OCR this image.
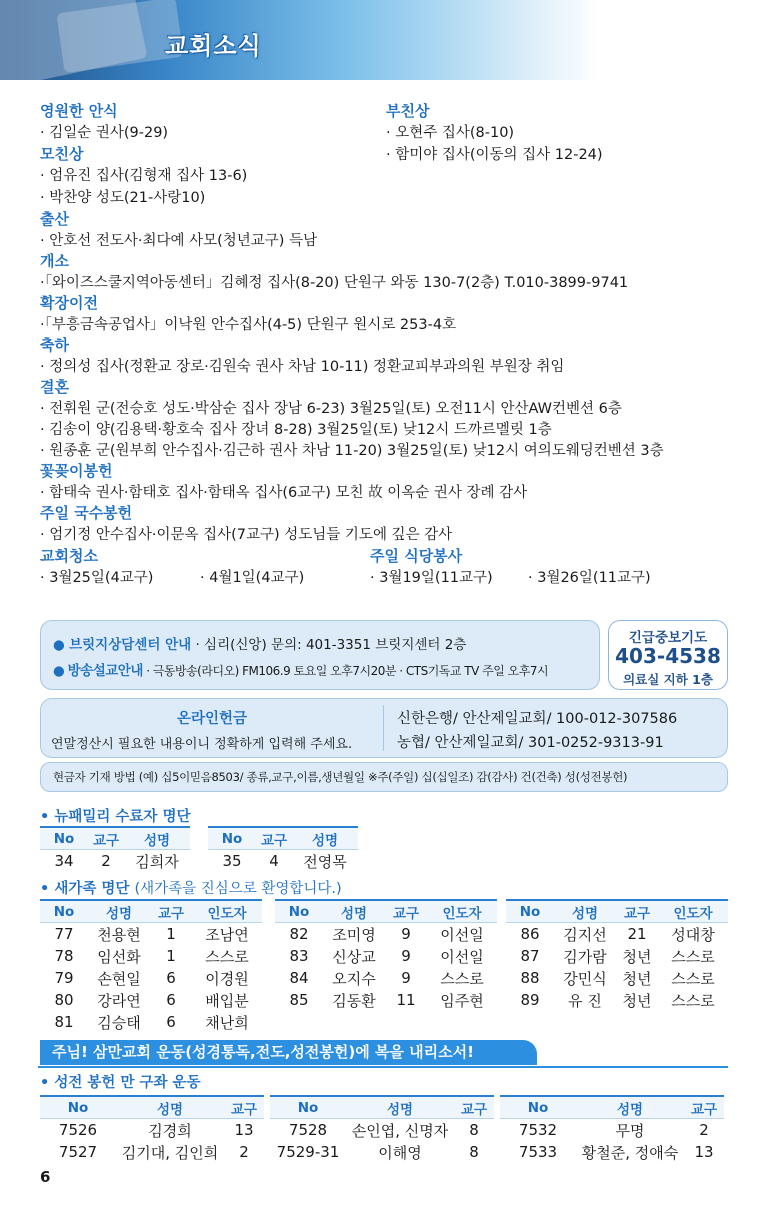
교회소식
영원한 안식
· 김일순 권사(9-29)
모친상
· 엄유진 집사(김형재 집사 13-6)
· 박찬양 성도(21-사랑10)
출산
· 안호선 전도사·최다예 사모(청년교구) 득남
개소
·「와이즈스쿨지역아동센터」김혜정 집사(8-20) 단원구 와동 130-7(2층) T.010-3899-9741
확장이전
·「부흥금속공업사」이낙원 안수집사(4-5) 단원구 원시로 253-4호
축하
· 정의성 집사(정환교 장로·김원숙 권사 차남 10-11) 정환교피부과의원 부원장 취임
결혼
· 전휘원 군(전승호 성도·박삼순 집사 장남 6-23) 3월25일(토) 오전11시 안산AW컨벤션 6층
· 김송이 양(김용택·황호숙 집사 장녀 8-28) 3월25일(토) 낮12시 드까르멜릿 1층
· 원종훈 군(원부희 안수집사·김근하 권사 차남 11-20) 3월25일(토) 낮12시 여의도웨딩컨벤션 3층
꽃꽂이봉헌
· 함태숙 권사·함태호 집사·함태옥 집사(6교구) 모친 故 이옥순 권사 장례 감사
주일 국수봉헌
· 엄기정 안수집사·이문옥 집사(7교구) 성도님들 기도에 깊은 감사
교회청소
· 3월25일(4교구)	· 4월1일(4교구)
부친상
· 오현주 집사(8-10)
· 함미야 집사(이동의 집사 12-24)
주일 식당봉사
· 3월19일(11교구) · 3월26일(11교구)
● 브릿지상담센터 안내 · 심리(신앙) 문의: 401-3351 브릿지센터 2층
● 방송설교안내 · 극동방송(라디오) FM106.9 토요일 오후7시20분 · CTS기독교 TV 주일 오후7시
긴급중보기도
403-4538
의료실 지하 1층
온라인헌금
연말정산시 필요한 내용이니 정확하게 입력해 주세요.
신한은행/ 안산제일교회/ 100-012-307586
농협/ 안산제일교회/ 301-0252-9313-91
현금자 기재 방법 (예) 십5이믿음8503/ 종류,교구,이름,생년월일 ※주(주일) 십(십일조) 감(감사) 건(건축) 성(성전봉헌)
• 뉴패밀리 수료자 명단
No	교구	성명
34	2	김희자
No	교구	성명
35	4	전영목
• 새가족 명단 (새가족을 진심으로 환영합니다.)
No	성명	교구	인도자
77	천용현	1	조남연
78	임선화	1	스스로
79	손현일	6	이경원
80	강라연	6	배입분
81	김승태	6	채난희
No	성명	교구	인도자
82	조미영	9	이선일
83	신상교	9	이선일
84	오지수	9	스스로
85	김동환	11	임주현
No	성명	교구	인도자
86	김지선	21	성대창
87	김가람	청년	스스로
88	강민식	청년	스스로
89	유 진	청년	스스로
주님! 삼만교회 운동(성경통독,전도,성전봉헌)에 복을 내리소서!
• 성전 봉헌 만 구좌 운동
No	성명	교구
7526	김경희	13
7527	김기대, 김인희	2
No	성명	교구
7528	손인엽, 신명자	8
7529-31	이해영	8
No	성명	교구
7532	무명	2
7533	황철준, 정애숙	13
6
